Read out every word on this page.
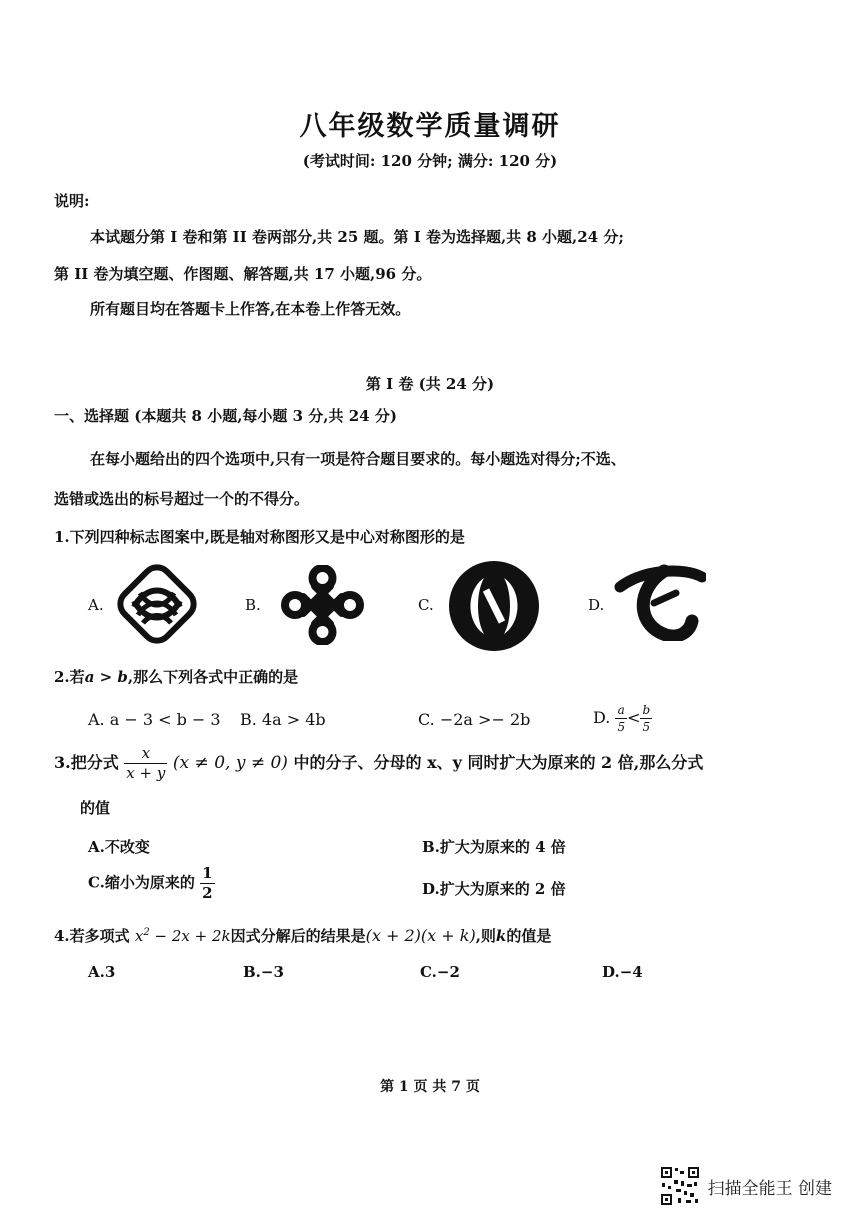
八年级数学质量调研
(考试时间: 120 分钟; 满分: 120 分)
说明:
本试题分第 I 卷和第 II 卷两部分,共 25 题。第 I 卷为选择题,共 8 小题,24 分;
第 II 卷为填空题、作图题、解答题,共 17 小题,96 分。
所有题目均在答题卡上作答,在本卷上作答无效。
第 I 卷 (共 24 分)
一、选择题 (本题共 8 小题,每小题 3 分,共 24 分)
在每小题给出的四个选项中,只有一项是符合题目要求的。每小题选对得分;不选、
选错或选出的标号超过一个的不得分。
1.下列四种标志图案中,既是轴对称图形又是中心对称图形的是
A.	B.	C.	D.
2.若a > b,那么下列各式中正确的是
A. a − 3 < b − 3 B. 4a > 4b	C. −2a >− 2b	D. $\frac{a}{5} < \frac{b}{5}$
3.把分式 $\frac{x}{x + y} (x \ne 0$, y ≠ 0) 中的分子、分母的 x、y 同时扩大为原来的 2 倍,那么分式
的值
A.不改变	B.扩大为原来的 4 倍
C.缩小为原来的 $\frac{1}{2}$	D.扩大为原来的 2 倍
4.若多项式 $x^2 - 2x + 2k$因式分解后的结果是(x + 2)(x + k),则k的值是
A.3	B.−3	C.−2	D.−4
第 1 页 共 7 页
扫描全能王 创建
